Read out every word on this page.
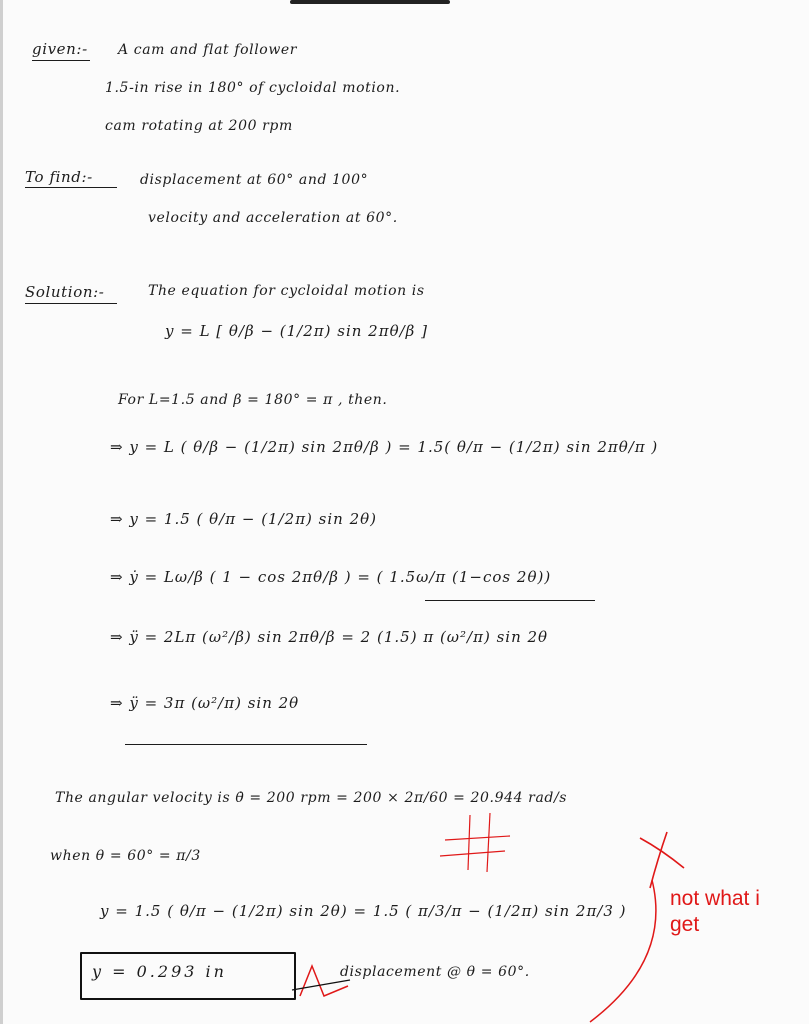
given:- A cam and flat follower
1.5-in rise in 180° of cycloidal motion.
cam rotating at 200 rpm
To find:-	displacement at 60° and 100°
velocity and acceleration at 60°.
Solution:-	The equation for cycloidal motion is
y = L [ θ/β − (1/2π) sin 2πθ/β ]
For L=1.5 and β = 180° = π , then.
⇒ y = L ( θ/β − (1/2π) sin 2πθ/β ) = 1.5( θ/π − (1/2π) sin 2πθ/π )
⇒ y = 1.5 ( θ/π − (1/2π) sin 2θ)
⇒ ẏ = Lω/β ( 1 − cos 2πθ/β ) = ( 1.5ω/π (1−cos 2θ))
⇒ ÿ = 2Lπ (ω²/β) sin 2πθ/β = 2 (1.5) π (ω²/π) sin 2θ
⇒ ÿ = 3π (ω²/π) sin 2θ
The angular velocity is θ̇ = 200 rpm = 200 × 2π/60 = 20.944 rad/s
when θ = 60° = π/3
y = 1.5 ( θ/π − (1/2π) sin 2θ) = 1.5 ( π/3/π − (1/2π) sin 2π/3 )
y = 0.293 in	displacement @ θ = 60°.
not what i get
